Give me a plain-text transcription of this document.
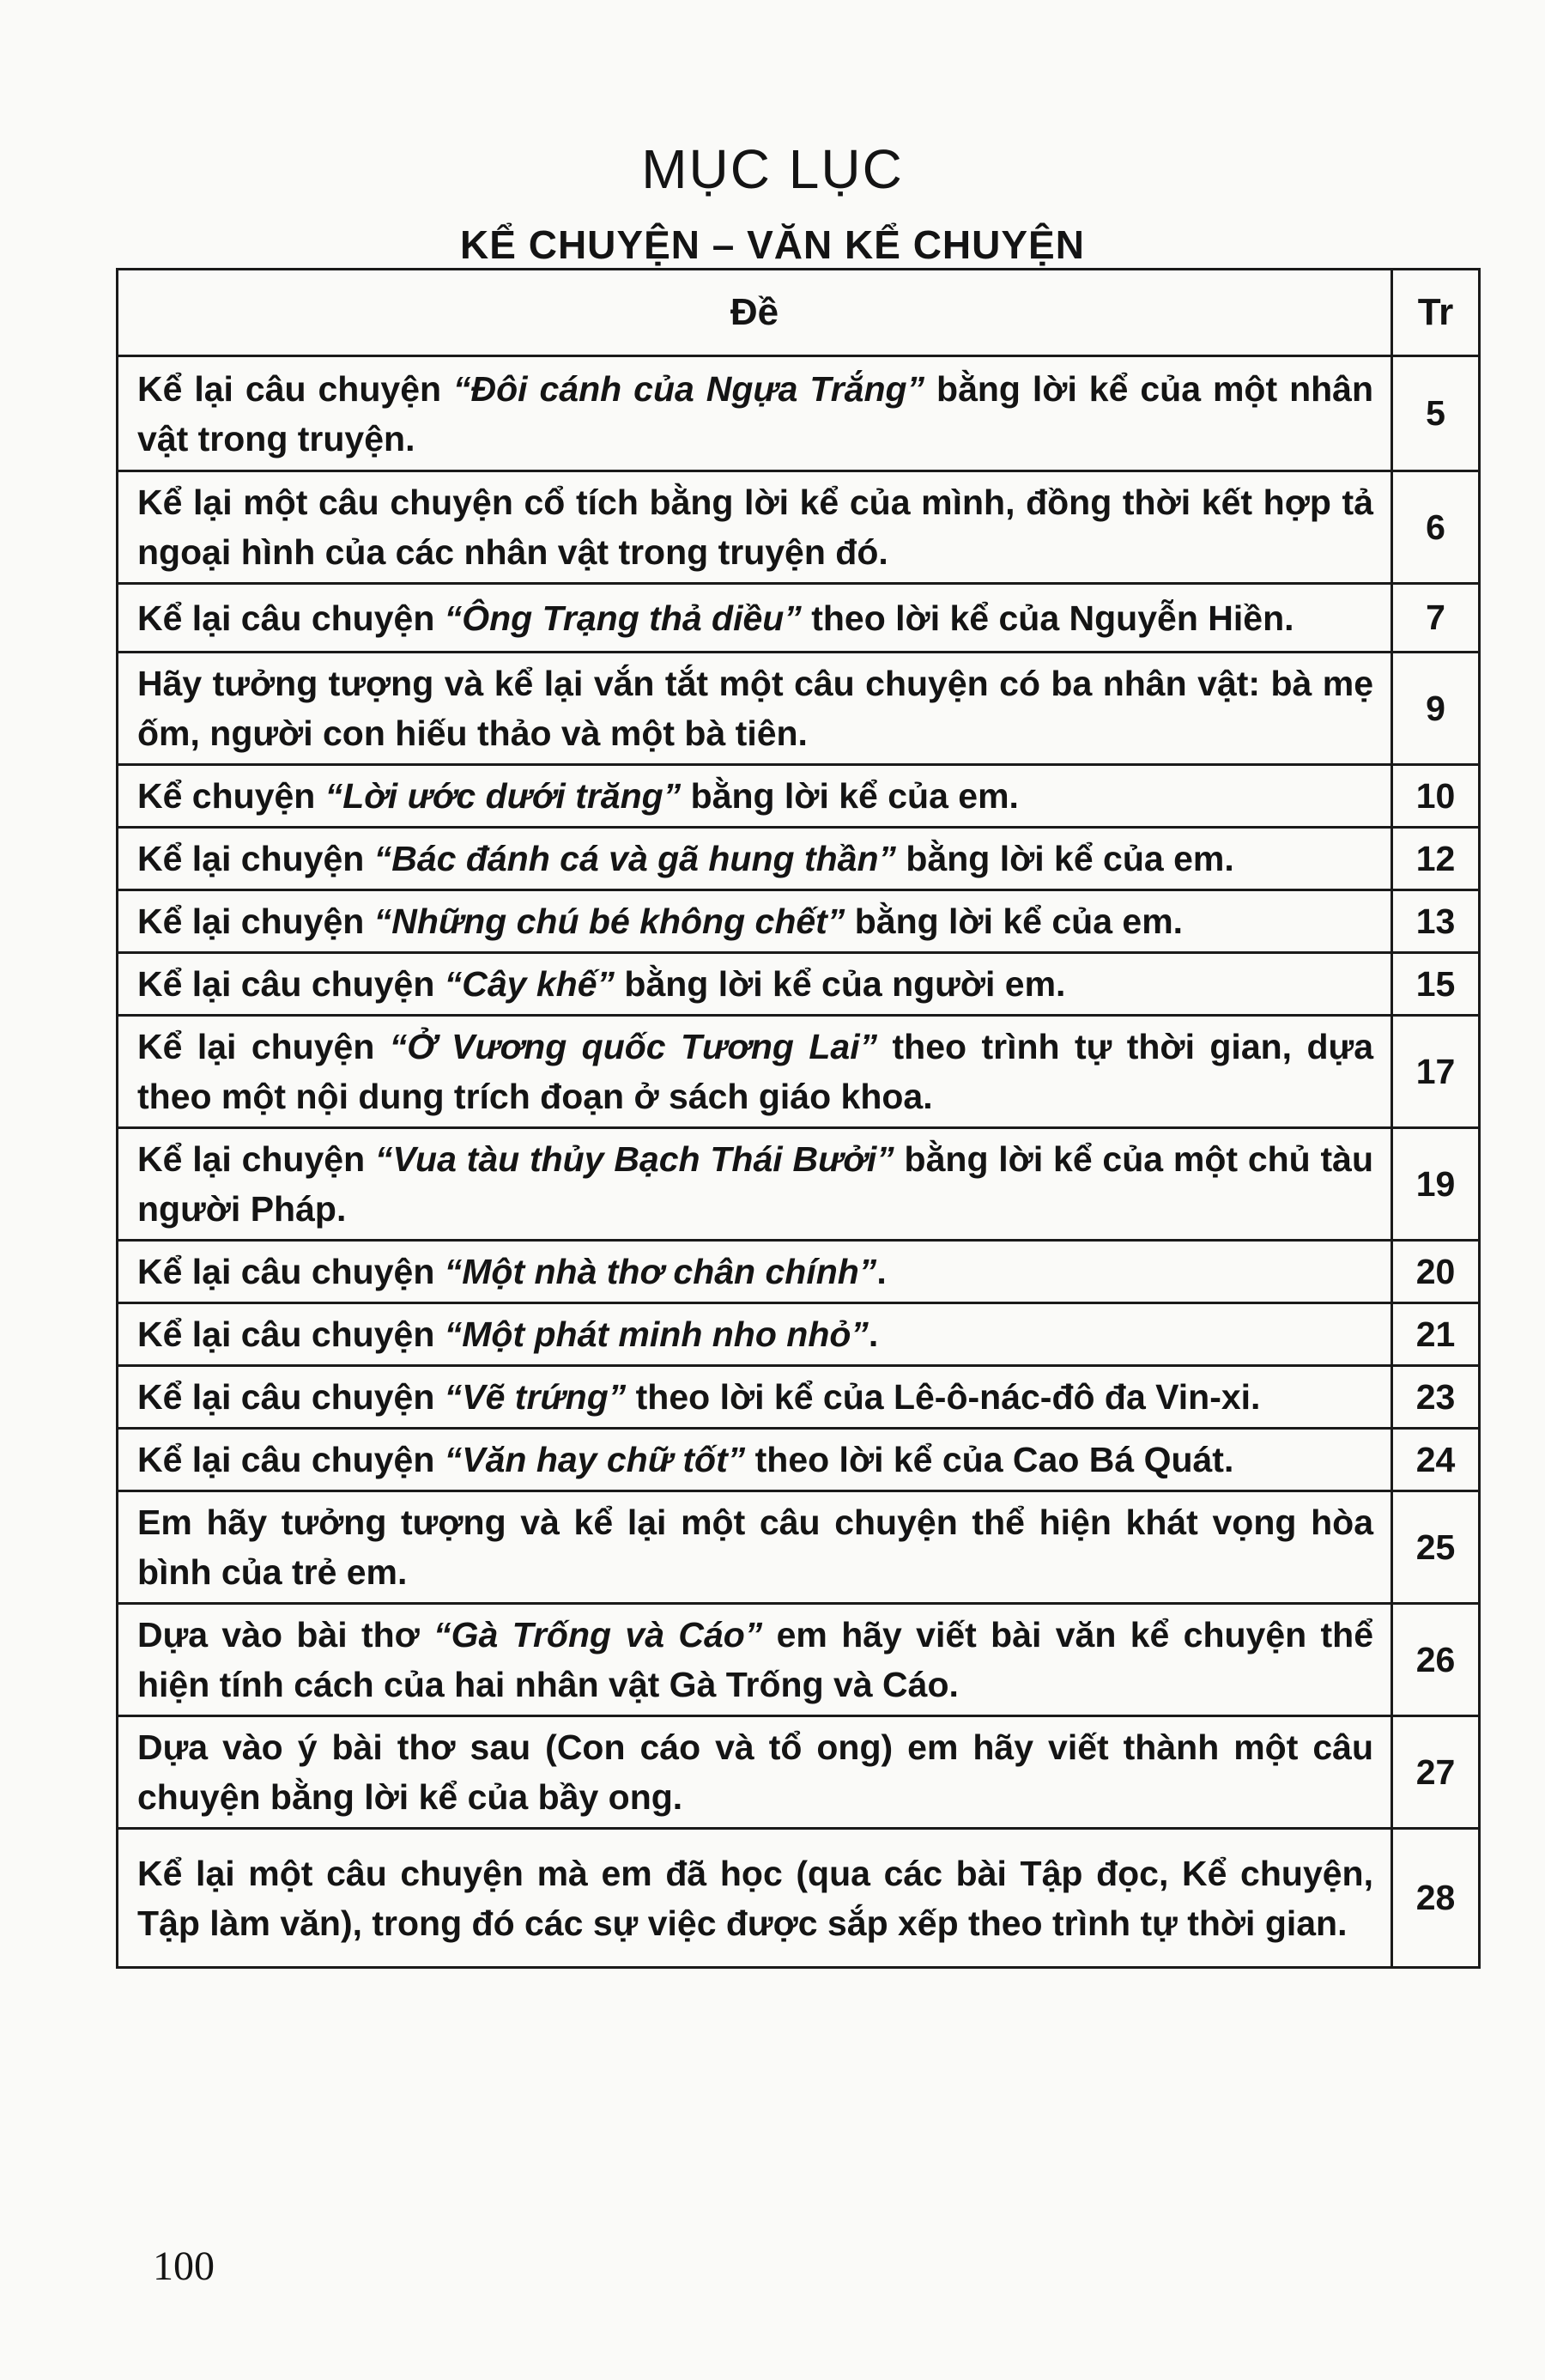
MỤC LỤC
KỂ CHUYỆN – VĂN KỂ CHUYỆN
Đề	Tr
Kể lại câu chuyện “Đôi cánh của Ngựa Trắng” bằng lời kể của một nhân vật trong truyện.	5
Kể lại một câu chuyện cổ tích bằng lời kể của mình, đồng thời kết hợp tả ngoại hình của các nhân vật trong truyện đó.	6
Kể lại câu chuyện “Ông Trạng thả diều” theo lời kể của Nguyễn Hiền.	7
Hãy tưởng tượng và kể lại vắn tắt một câu chuyện có ba nhân vật: bà mẹ ốm, người con hiếu thảo và một bà tiên.	9
Kể chuyện “Lời ước dưới trăng” bằng lời kể của em.	10
Kể lại chuyện “Bác đánh cá và gã hung thần” bằng lời kể của em.	12
Kể lại chuyện “Những chú bé không chết” bằng lời kể của em.	13
Kể lại câu chuyện “Cây khế” bằng lời kể của người em.	15
Kể lại chuyện “Ở Vương quốc Tương Lai” theo trình tự thời gian, dựa theo một nội dung trích đoạn ở sách giáo khoa.	17
Kể lại chuyện “Vua tàu thủy Bạch Thái Bưởi” bằng lời kể của một chủ tàu người Pháp.	19
Kể lại câu chuyện “Một nhà thơ chân chính”.	20
Kể lại câu chuyện “Một phát minh nho nhỏ”.	21
Kể lại câu chuyện “Vẽ trứng” theo lời kể của Lê-ô-nác-đô đa Vin-xi.	23
Kể lại câu chuyện “Văn hay chữ tốt” theo lời kể của Cao Bá Quát.	24
Em hãy tưởng tượng và kể lại một câu chuyện thể hiện khát vọng hòa bình của trẻ em.	25
Dựa vào bài thơ “Gà Trống và Cáo” em hãy viết bài văn kể chuyện thể hiện tính cách của hai nhân vật Gà Trống và Cáo.	26
Dựa vào ý bài thơ sau (Con cáo và tổ ong) em hãy viết thành một câu chuyện bằng lời kể của bầy ong.	27
Kể lại một câu chuyện mà em đã học (qua các bài Tập đọc, Kể chuyện, Tập làm văn), trong đó các sự việc được sắp xếp theo trình tự thời gian.	28
100
